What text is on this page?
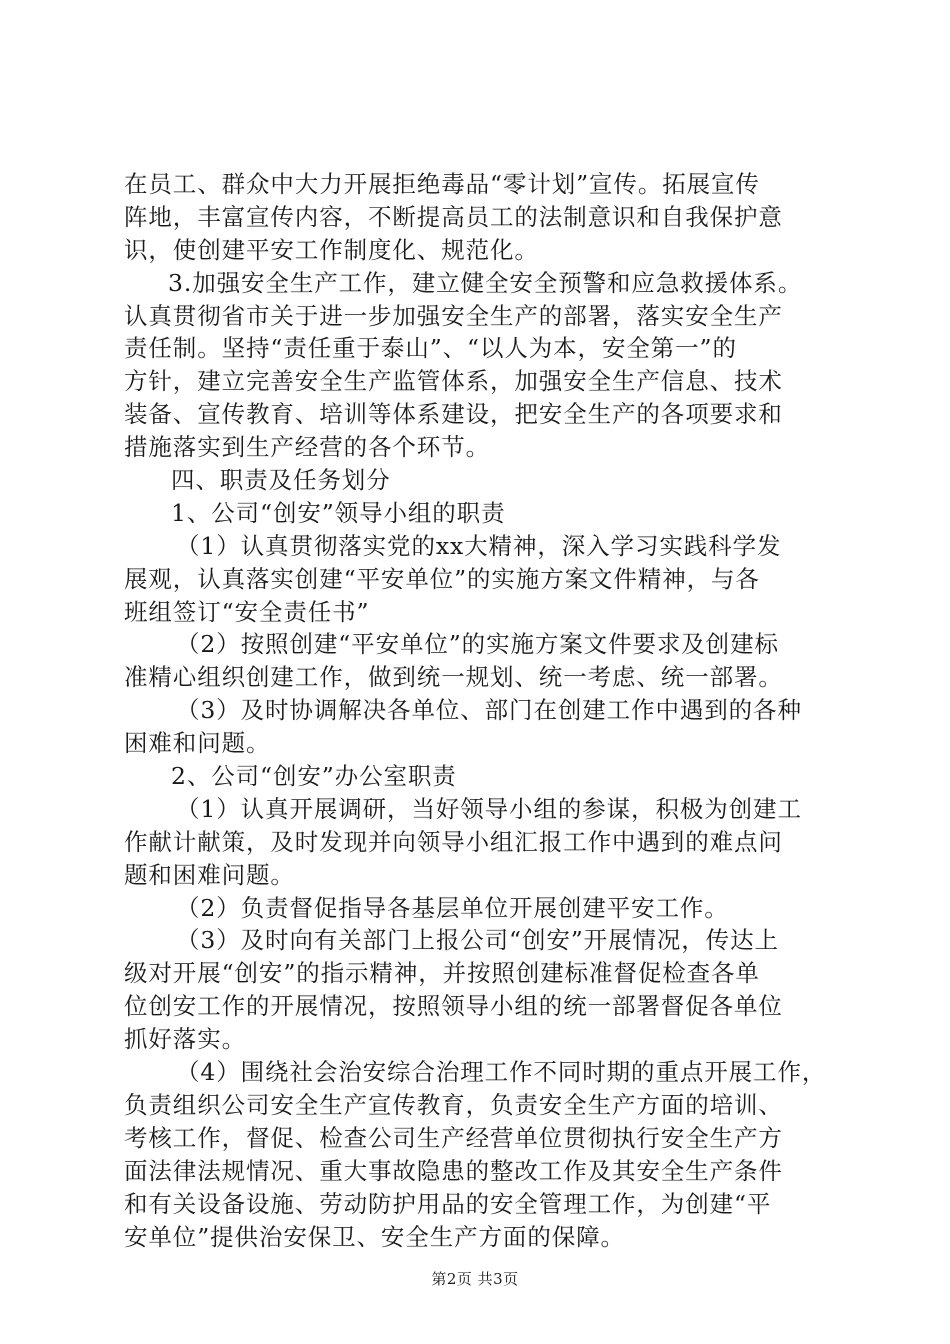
在员工、群众中大力开展拒绝毒品“零计划”宣传。拓展宣传
阵地，丰富宣传内容，不断提高员工的法制意识和自我保护意
识，使创建平安工作制度化、规范化。
3.加强安全生产工作，建立健全安全预警和应急救援体系。
认真贯彻省市关于进一步加强安全生产的部署，落实安全生产
责任制。坚持“责任重于泰山”、“以人为本，安全第一”的
方针，建立完善安全生产监管体系，加强安全生产信息、技术
装备、宣传教育、培训等体系建设，把安全生产的各项要求和
措施落实到生产经营的各个环节。
四、职责及任务划分
1、公司“创安”领导小组的职责
（1）认真贯彻落实党的xx大精神，深入学习实践科学发
展观，认真落实创建“平安单位”的实施方案文件精神，与各
班组签订“安全责任书”
（2）按照创建“平安单位”的实施方案文件要求及创建标
准精心组织创建工作，做到统一规划、统一考虑、统一部署。
（3）及时协调解决各单位、部门在创建工作中遇到的各种
困难和问题。
2、公司“创安”办公室职责
（1）认真开展调研，当好领导小组的参谋，积极为创建工
作献计献策，及时发现并向领导小组汇报工作中遇到的难点问
题和困难问题。
（2）负责督促指导各基层单位开展创建平安工作。
（3）及时向有关部门上报公司“创安”开展情况，传达上
级对开展“创安”的指示精神，并按照创建标准督促检查各单
位创安工作的开展情况，按照领导小组的统一部署督促各单位
抓好落实。
（4）围绕社会治安综合治理工作不同时期的重点开展工作，
负责组织公司安全生产宣传教育，负责安全生产方面的培训、
考核工作，督促、检查公司生产经营单位贯彻执行安全生产方
面法律法规情况、重大事故隐患的整改工作及其安全生产条件
和有关设备设施、劳动防护用品的安全管理工作，为创建“平
安单位”提供治安保卫、安全生产方面的保障。
第2页 共3页
